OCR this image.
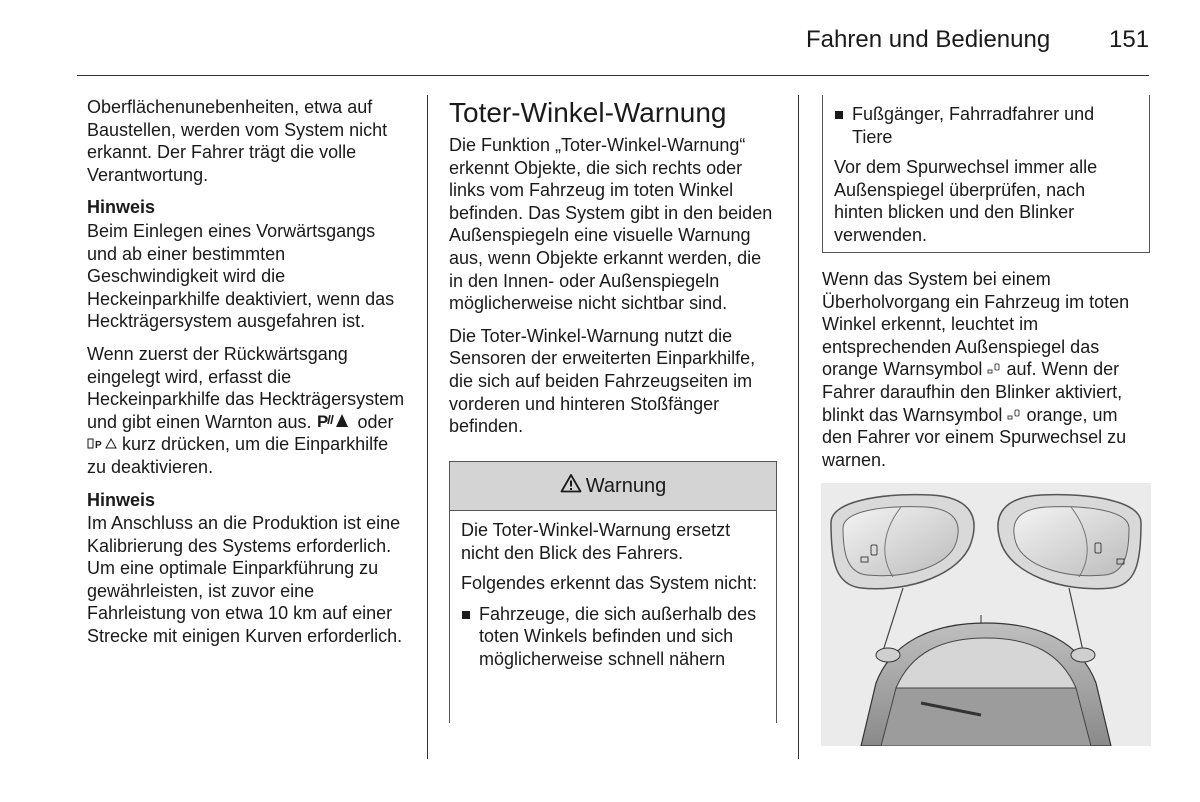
Fahren und Bedienung 151

Oberflächenunebenheiten, etwa auf Baustellen, werden vom System nicht erkannt. Der Fahrer trägt die volle Verantwortung.

Hinweis

Beim Einlegen eines Vorwärtsgangs und ab einer bestimmten Geschwindigkeit wird die Heckeinparkhilfe deaktiviert, wenn das Heckträgersystem ausgefahren ist.

Wenn zuerst der Rückwärtsgang eingelegt wird, erfasst die Heckeinparkhilfe das Heckträgersystem und gibt einen Warnton aus. P oder

P kurz drücken, um die Einparkhilfe zu deaktivieren.

Hinweis

Im Anschluss an die Produktion ist eine Kalibrierung des Systems erforderlich. Um eine optimale Einparkführung zu gewährleisten, ist zuvor eine Fahrleistung von etwa 10 km auf einer Strecke mit einigen Kurven erforderlich.

Toter-Winkel-Warnung

Die Funktion „Toter-Winkel-Warnung“ erkennt Objekte, die sich rechts oder links vom Fahrzeug im toten Winkel befinden. Das System gibt in den beiden Außenspiegeln eine visuelle Warnung aus, wenn Objekte erkannt werden, die in den Innen- oder Außenspiegeln möglicherweise nicht sichtbar sind.

Die Toter-Winkel-Warnung nutzt die Sensoren der erweiterten Einparkhilfe, die sich auf beiden Fahrzeugseiten im vorderen und hinteren Stoßfänger befinden.

Warnung

Die Toter-Winkel-Warnung ersetzt nicht den Blick des Fahrers.

Folgendes erkennt das System nicht:

Fahrzeuge, die sich außerhalb des toten Winkels befinden und sich möglicherweise schnell nähern
Fußgänger, Fahrradfahrer und Tiere

Vor dem Spurwechsel immer alle Außenspiegel überprüfen, nach hinten blicken und den Blinker verwenden.

Wenn das System bei einem Überholvorgang ein Fahrzeug im toten Winkel erkennt, leuchtet im entsprechenden Außenspiegel das orange Warnsymbol auf. Wenn der Fahrer daraufhin den Blinker aktiviert, blinkt das Warnsymbol orange, um den Fahrer vor einem Spurwechsel zu warnen.
